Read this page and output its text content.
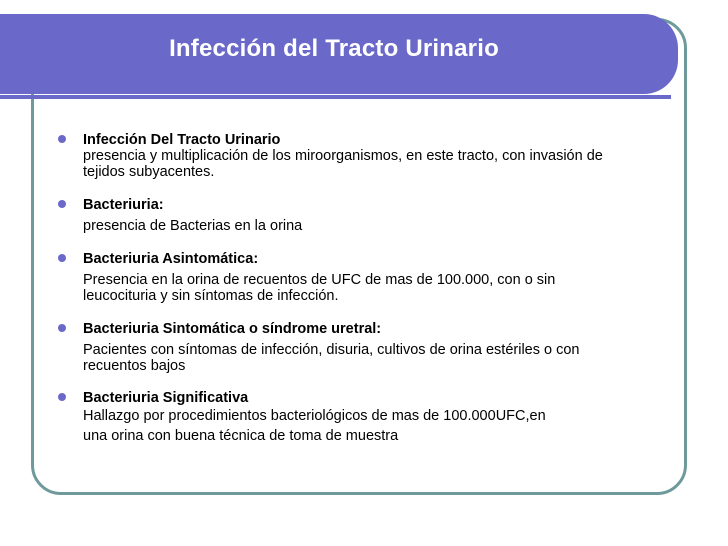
Infección del Tracto Urinario
Infección Del Tracto Urinario
presencia y multiplicación de los miroorganismos, en este tracto, con invasión de
tejidos subyacentes.
Bacteriuria:
presencia de Bacterias en la orina
Bacteriuria Asintomática:
Presencia en la orina de recuentos de UFC de mas de 100.000, con o sin
leucocituria y sin síntomas de infección.
Bacteriuria Sintomática o síndrome uretral:
Pacientes con síntomas de infección, disuria, cultivos de orina estériles o con
recuentos bajos
Bacteriuria Significativa
Hallazgo por procedimientos bacteriológicos de mas de 100.000UFC,en
una orina con buena técnica de toma de muestra
